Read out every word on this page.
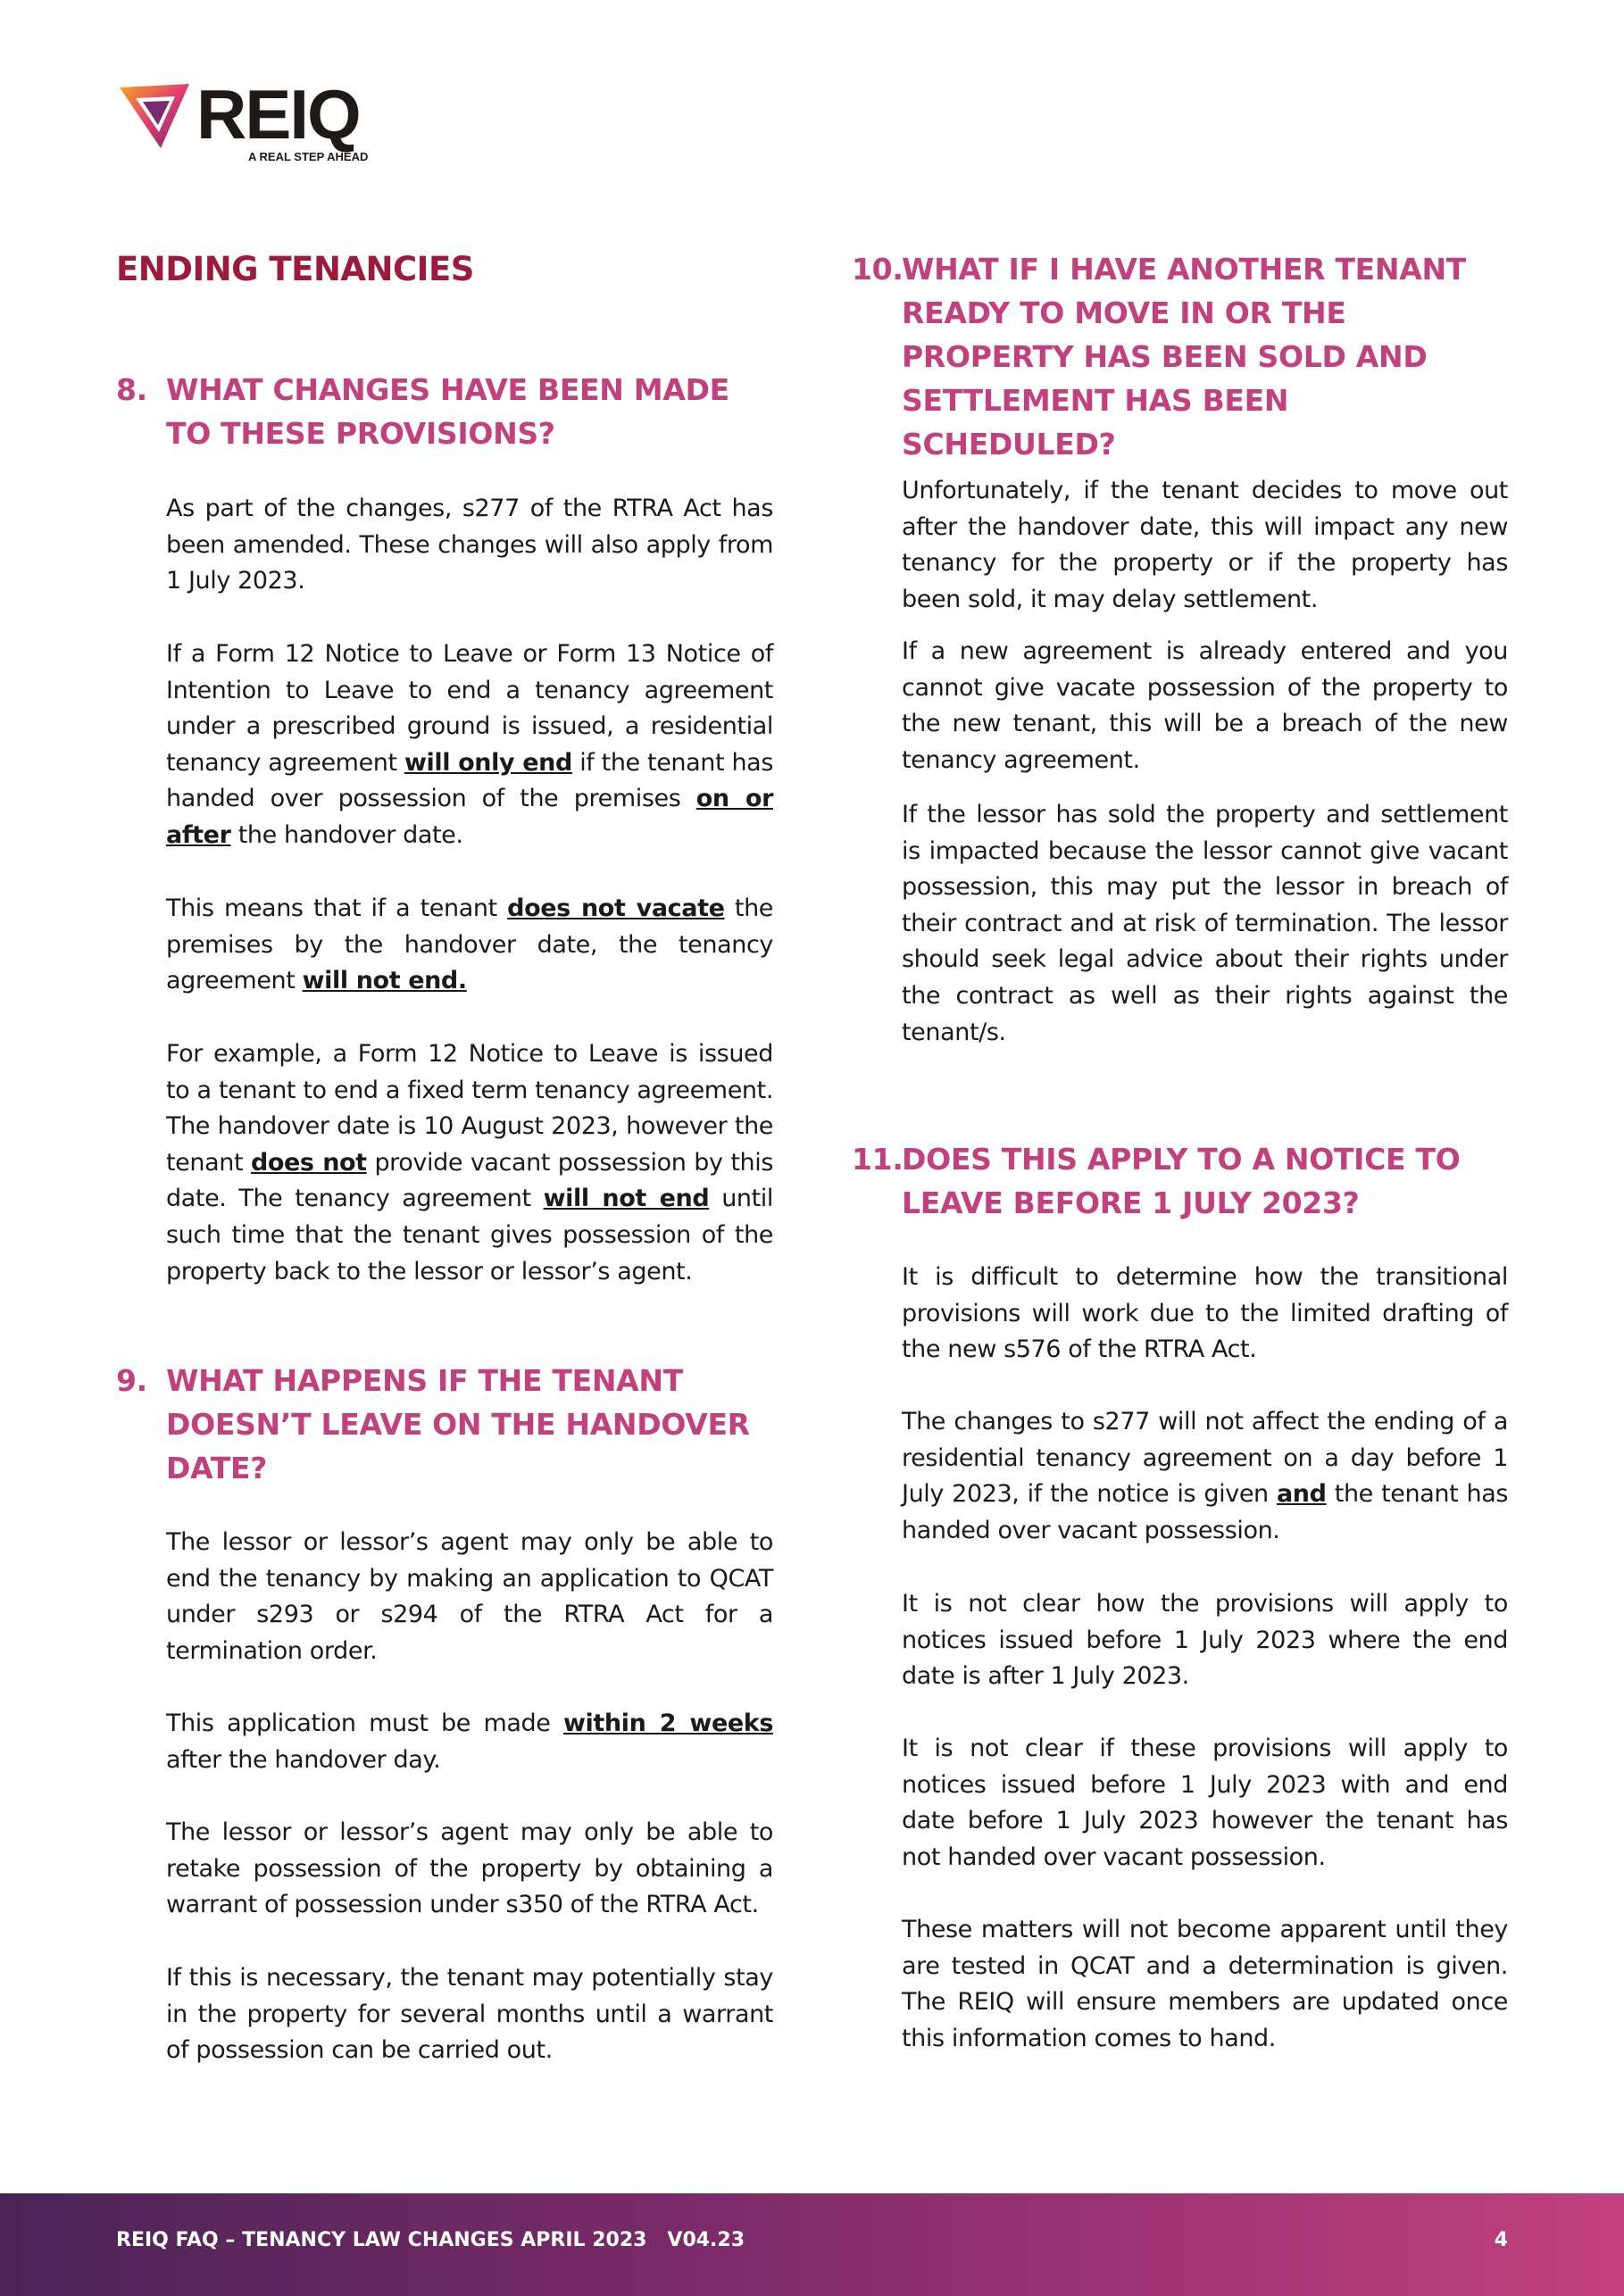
REIQ
A REAL STEP AHEAD
ENDING TENANCIES
8. WHAT CHANGES HAVE BEEN MADE TO THESE PROVISIONS?

As part of the changes, s277 of the RTRA Act has been amended. These changes will also apply from 1 July 2023.

If a Form 12 Notice to Leave or Form 13 Notice of Intention to Leave to end a tenancy agreement under a prescribed ground is issued, a residential tenancy agreement will only end if the tenant has handed over possession of the premises on or after the handover date.

This means that if a tenant does not vacate the premises by the handover date, the tenancy agreement will not end.

For example, a Form 12 Notice to Leave is issued to a tenant to end a fixed term tenancy agreement. The handover date is 10 August 2023, however the tenant does not provide vacant possession by this date. The tenancy agreement will not end until such time that the tenant gives possession of the property back to the lessor or lessor’s agent.

9. WHAT HAPPENS IF THE TENANT DOESN’T LEAVE ON THE HANDOVER DATE?

The lessor or lessor’s agent may only be able to end the tenancy by making an application to QCAT under s293 or s294 of the RTRA Act for a termination order.

This application must be made within 2 weeks after the handover day.

The lessor or lessor’s agent may only be able to retake possession of the property by obtaining a warrant of possession under s350 of the RTRA Act.

If this is necessary, the tenant may potentially stay in the property for several months until a warrant of possession can be carried out.

10.
WHAT IF I HAVE ANOTHER TENANT READY TO MOVE IN OR THE PROPERTY HAS BEEN SOLD AND SETTLEMENT HAS BEEN SCHEDULED?

Unfortunately, if the tenant decides to move out after the handover date, this will impact any new tenancy for the property or if the property has been sold, it may delay settlement.

If a new agreement is already entered and you cannot give vacate possession of the property to the new tenant, this will be a breach of the new tenancy agreement.

If the lessor has sold the property and settlement is impacted because the lessor cannot give vacant possession, this may put the lessor in breach of their contract and at risk of termination. The lessor should seek legal advice about their rights under the contract as well as their rights against the tenant/s.

11.
DOES THIS APPLY TO A NOTICE TO LEAVE BEFORE 1 JULY 2023?

It is difficult to determine how the transitional provisions will work due to the limited drafting of the new s576 of the RTRA Act.

The changes to s277 will not affect the ending of a residential tenancy agreement on a day before 1 July 2023, if the notice is given and the tenant has handed over vacant possession.

It is not clear how the provisions will apply to notices issued before 1 July 2023 where the end date is after 1 July 2023.

It is not clear if these provisions will apply to notices issued before 1 July 2023 with and end date before 1 July 2023 however the tenant has not handed over vacant possession.

These matters will not become apparent until they are tested in QCAT and a determination is given. The REIQ will ensure members are updated once this information comes to hand.

REIQ FAQ – TENANCY LAW CHANGES APRIL 2023   V04.23	4
